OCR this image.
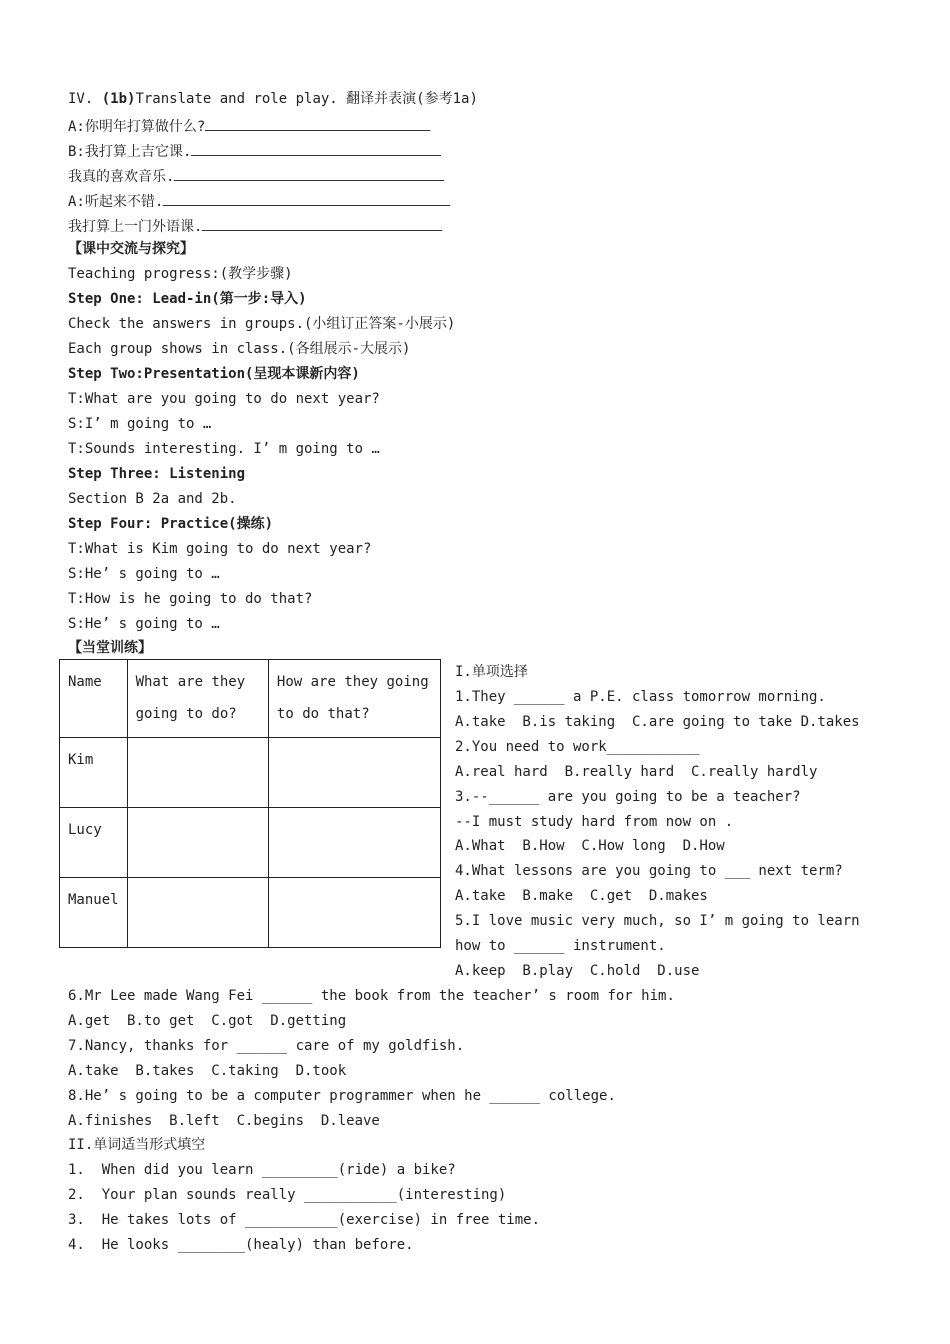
IV. (1b)Translate and role play. 翻译并表演(参考1a)
A:你明年打算做什么?
B:我打算上吉它课.
我真的喜欢音乐.
A:听起来不错.
我打算上一门外语课.
【课中交流与探究】
Teaching progress:(教学步骤)
Step One: Lead-in(第一步:导入)
Check the answers in groups.(小组订正答案-小展示)
Each group shows in class.(各组展示-大展示)
Step Two:Presentation(呈现本课新内容)
T:What are you going to do next year?
S:I’ m going to …
T:Sounds interesting. I’ m going to …
Step Three: Listening
Section B 2a and 2b.
Step Four: Practice(操练)
T:What is Kim going to do next year?
S:He’ s going to …
T:How is he going to do that?
S:He’ s going to …
【当堂训练】
Name	What are they going to do?	How are they going to do that?
Kim		
Lucy		
Manuel		
I.单项选择
1.They ______ a P.E. class tomorrow morning.
A.take  B.is taking  C.are going to take D.takes
2.You need to work___________
A.real hard  B.really hard  C.really hardly
3.--______ are you going to be a teacher?
--I must study hard from now on .
A.What  B.How  C.How long  D.How
4.What lessons are you going to ___ next term?
A.take  B.make  C.get  D.makes
5.I love music very much, so I’ m going to learn
how to ______ instrument.
A.keep  B.play  C.hold  D.use
6.Mr Lee made Wang Fei ______ the book from the teacher’ s room for him.
A.get  B.to get  C.got  D.getting
7.Nancy, thanks for ______ care of my goldfish.
A.take  B.takes  C.taking  D.took
8.He’ s going to be a computer programmer when he ______ college.
A.finishes  B.left  C.begins  D.leave
II.单词适当形式填空
1.  When did you learn _________(ride) a bike?
2.  Your plan sounds really ___________(interesting)
3.  He takes lots of ___________(exercise) in free time.
4.  He looks ________(healy) than before.
